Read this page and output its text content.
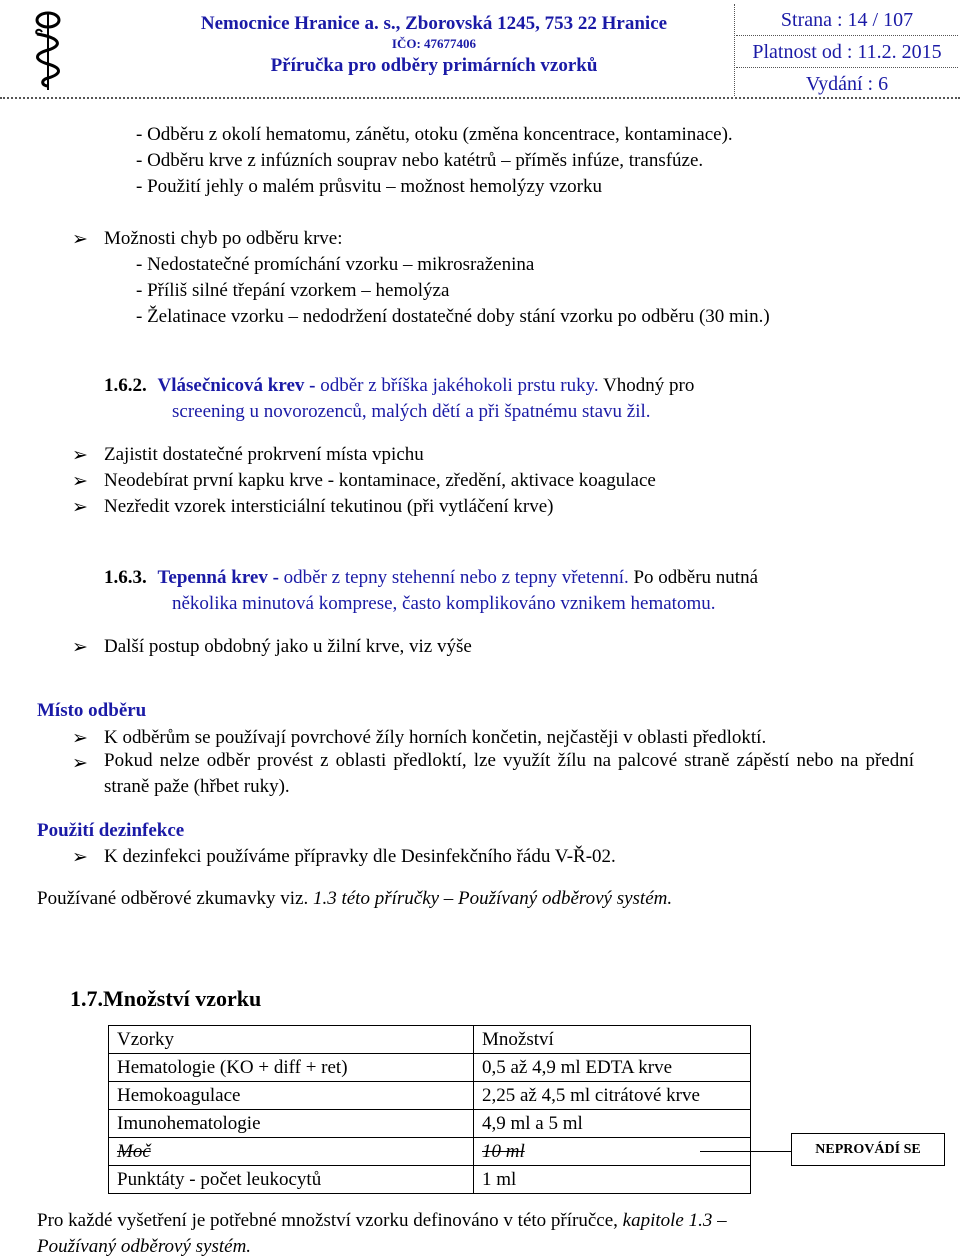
Nemocnice Hranice a. s., Zborovská 1245, 753 22 Hranice
IČO: 47677406
Příručka pro odběry primárních vzorků
Strana : 14 / 107
Platnost od : 11.2. 2015
Vydání : 6
- Odběru z okolí hematomu, zánětu, otoku (změna koncentrace, kontaminace).
- Odběru krve z infúzních souprav nebo katétrů – příměs infúze, transfúze.
- Použití jehly o malém průsvitu – možnost hemolýzy vzorku
➢ Možnosti chyb po odběru krve:
- Nedostatečné promíchání vzorku – mikrosraženina
- Příliš silné třepání vzorkem – hemolýza
- Želatinace vzorku – nedodržení dostatečné doby stání vzorku po odběru (30 min.)
1.6.2. Vlásečnicová krev - odběr z bříška jakéhokoli prstu ruky. Vhodný pro
screening u novorozenců, malých dětí a při špatnému stavu žil.
➢ Zajistit dostatečné prokrvení místa vpichu
➢ Neodebírat první kapku krve - kontaminace, zředění, aktivace koagulace
➢ Nezředit vzorek intersticiální tekutinou (při vytláčení krve)
1.6.3. Tepenná krev - odběr z tepny stehenní nebo z tepny vřetenní. Po odběru nutná
několika minutová komprese, často komplikováno vznikem hematomu.
➢ Další postup obdobný jako u žilní krve, viz výše
Místo odběru
➢ K odběrům se používají povrchové žíly horních končetin, nejčastěji v oblasti předloktí.
➢ Pokud nelze odběr provést z oblasti předloktí, lze využít žílu na palcové straně zápěstí nebo na přední straně paže (hřbet ruky).
Použití dezinfekce
➢ K dezinfekci používáme přípravky dle Desinfekčního řádu V-Ř-02.
Používané odběrové zkumavky viz. 1.3 této příručky – Používaný odběrový systém.
1.7.Množství vzorku
Vzorky	Množství
Hematologie (KO + diff + ret)	0,5 až 4,9 ml EDTA krve
Hemokoagulace	2,25 až 4,5 ml citrátové krve
Imunohematologie	4,9 ml a 5 ml
Moč	10 ml
Punktáty - počet leukocytů	1 ml
NEPROVÁDÍ SE
Pro každé vyšetření je potřebné množství vzorku definováno v této příručce, kapitole 1.3 –
Používaný odběrový systém.
